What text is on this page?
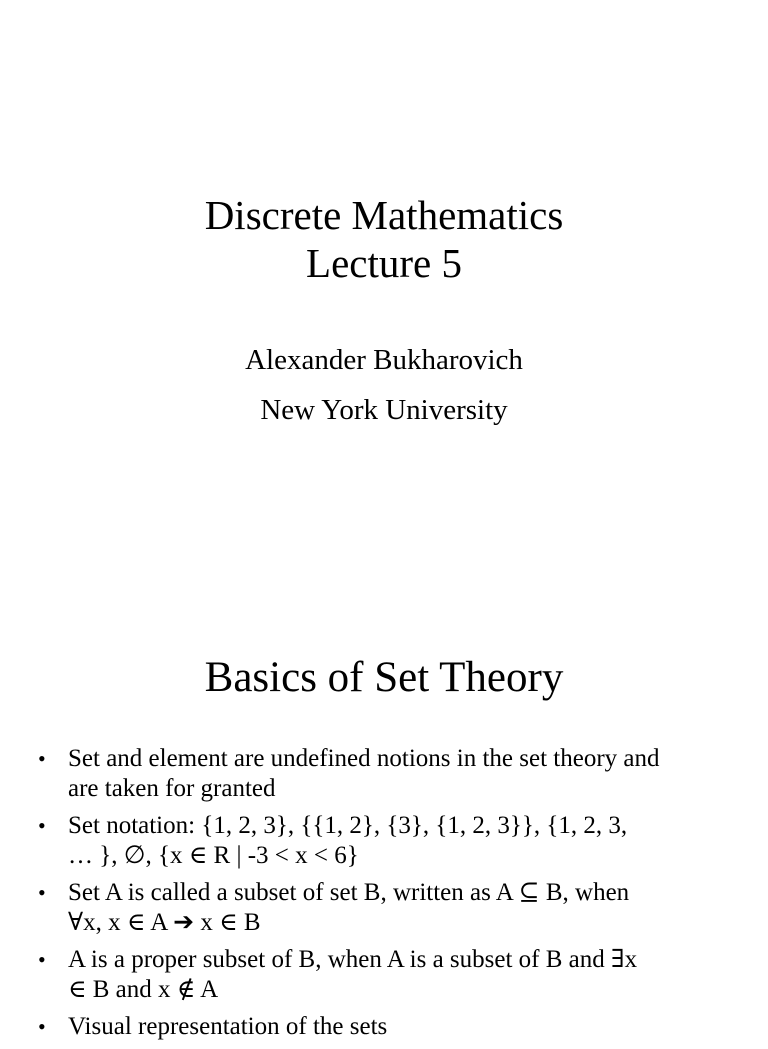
Discrete Mathematics
Lecture 5
Alexander Bukharovich
New York University
Basics of Set Theory
• Set and element are undefined notions in the set theory and
are taken for granted
• Set notation: {1, 2, 3}, {{1, 2}, {3}, {1, 2, 3}}, {1, 2, 3,
… }, ∅, {x ∈ R | -3 < x < 6}
• Set A is called a subset of set B, written as A ⊆ B, when
∀x, x ∈ A ➔ x ∈ B
• A is a proper subset of B, when A is a subset of B and ∃x
∈ B and x ∉ A
• Visual representation of the sets
